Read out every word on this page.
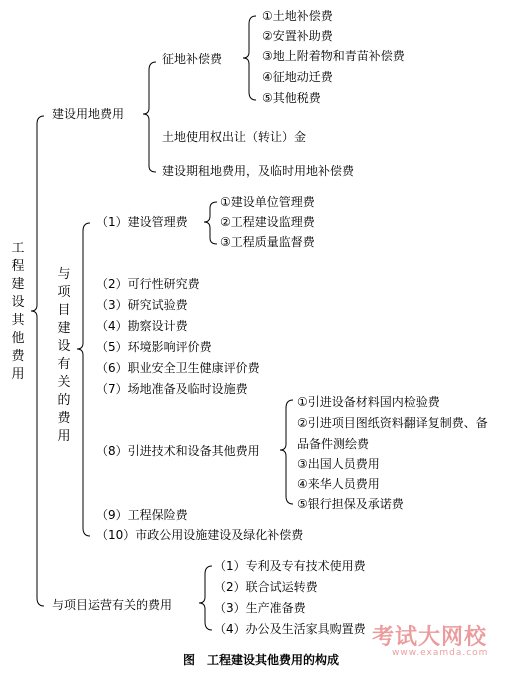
工程建设其他费用
建设用地费用
征地补偿费
①土地补偿费
②安置补助费
③地上附着物和青苗补偿费
④征地动迁费
⑤其他税费
土地使用权出让（转让）金
建设期租地费用，及临时用地补偿费
与项目建设有关的费用
（1）建设管理费
①建设单位管理费
②工程建设监理费
③工程质量监督费
（2）可行性研究费
（3）研究试验费
（4）勘察设计费
（5）环境影响评价费
（6）职业安全卫生健康评价费
（7）场地准备及临时设施费
（8）引进技术和设备其他费用
①引进设备材料国内检验费
②引进项目图纸资料翻译复制费、备
品备件测绘费
③出国人员费用
④来华人员费用
⑤银行担保及承诺费
（9）工程保险费
（10）市政公用设施建设及绿化补偿费
与项目运营有关的费用
（1）专利及专有技术使用费
（2）联合试运转费
（3）生产准备费
（4）办公及生活家具购置费
图　工程建设其他费用的构成
考试大网校
www.examda.com
